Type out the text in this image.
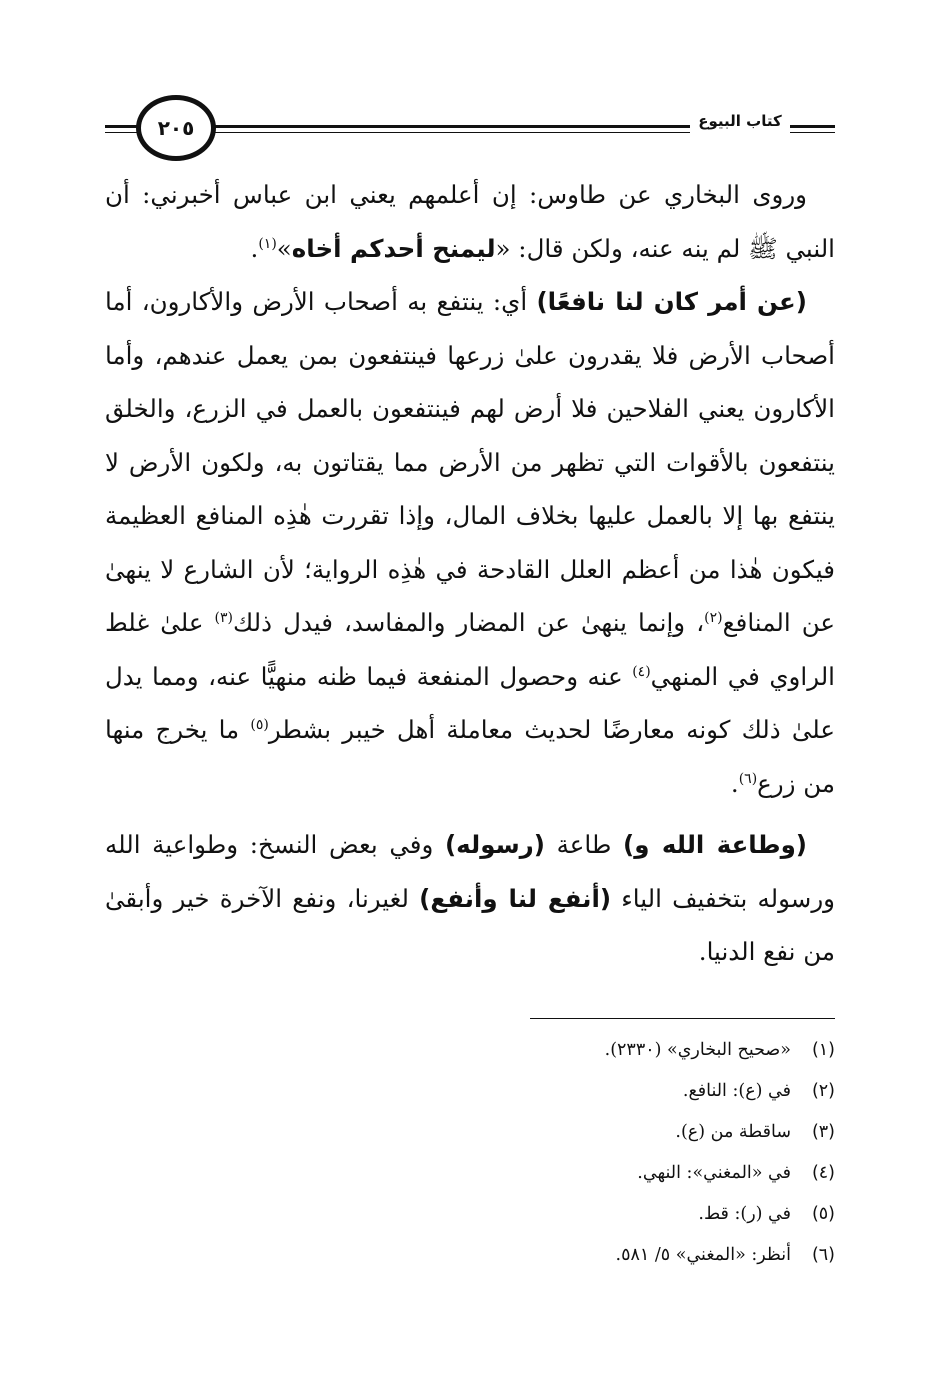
٢٠٥	كتاب البيوع

وروى البخاري عن طاوس: إن أعلمهم يعني ابن عباس أخبرني: أن النبي ﷺ لم ينه عنه، ولكن قال: «ليمنح أحدكم أخاه»$^{(١)}$.

(عن أمر كان لنا نافعًا) أي: ينتفع به أصحاب الأرض والأكارون، أما أصحاب الأرض فلا يقدرون علىٰ زرعها فينتفعون بمن يعمل عندهم، وأما الأكارون يعني الفلاحين فلا أرض لهم فينتفعون بالعمل في الزرع، والخلق ينتفعون بالأقوات التي تظهر من الأرض مما يقتاتون به، ولكون الأرض لا ينتفع بها إلا بالعمل عليها بخلاف المال، وإذا تقررت هٰذِه المنافع العظيمة فيكون هٰذا من أعظم العلل القادحة في هٰذِه الرواية؛ لأن الشارع لا ينهىٰ عن المنافع$^{(٢)}$، وإنما ينهىٰ عن المضار والمفاسد، فيدل ذلك$^{(٣)}$ علىٰ غلط الراوي في المنهي$^{(٤)}$ عنه وحصول المنفعة فيما ظنه منهيًّا عنه، ومما يدل علىٰ ذلك كونه معارضًا لحديث معاملة أهل خيبر بشطر$^{(٥)}$ ما يخرج منها من زرع$^{(٦)}$.

(وطاعة الله و) طاعة (رسوله) وفي بعض النسخ: وطواعية الله ورسوله بتخفيف الياء (أنفع لنا وأنفع) لغيرنا، ونفع الآخرة خير وأبقىٰ من نفع الدنيا.

(١)
«صحيح البخاري» (٢٣٣٠).
(٢)
في (ع): النافع.
(٣)
ساقطة من (ع).
(٤)
في «المغني»: النهي.
(٥)
في (ر): قط.
(٦)
أنظر: «المغني» ٥/ ٥٨١.
